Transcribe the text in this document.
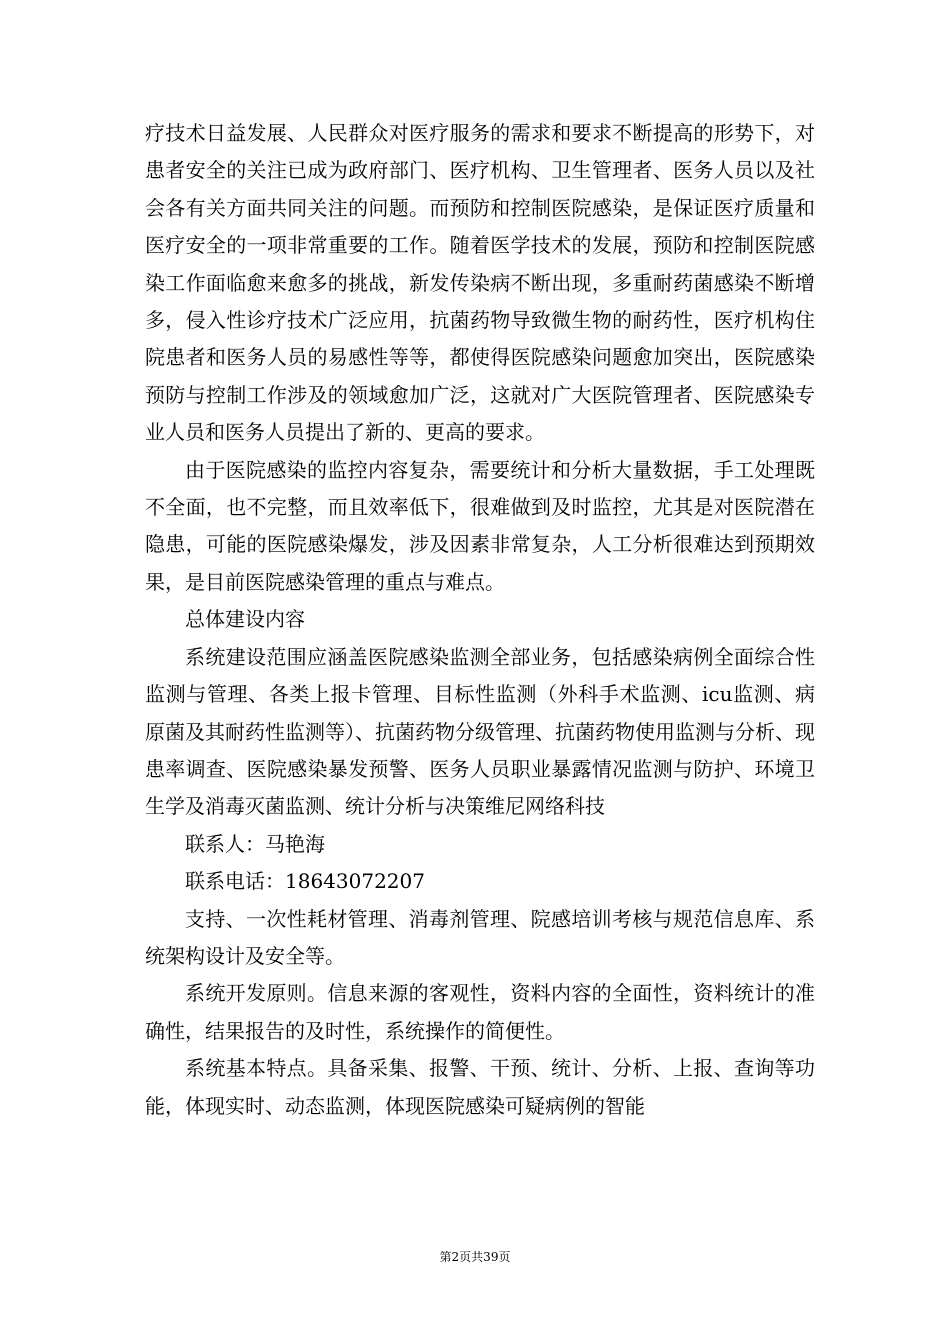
疗技术日益发展、人民群众对医疗服务的需求和要求不断提高的形势下，对患者安全的关注已成为政府部门、医疗机构、卫生管理者、医务人员以及社会各有关方面共同关注的问题。而预防和控制医院感染，是保证医疗质量和医疗安全的一项非常重要的工作。随着医学技术的发展，预防和控制医院感染工作面临愈来愈多的挑战，新发传染病不断出现，多重耐药菌感染不断增多，侵入性诊疗技术广泛应用，抗菌药物导致微生物的耐药性，医疗机构住院患者和医务人员的易感性等等，都使得医院感染问题愈加突出，医院感染预防与控制工作涉及的领域愈加广泛，这就对广大医院管理者、医院感染专业人员和医务人员提出了新的、更高的要求。

由于医院感染的监控内容复杂，需要统计和分析大量数据，手工处理既不全面，也不完整，而且效率低下，很难做到及时监控，尤其是对医院潜在隐患，可能的医院感染爆发，涉及因素非常复杂，人工分析很难达到预期效果，是目前医院感染管理的重点与难点。

总体建设内容

系统建设范围应涵盖医院感染监测全部业务，包括感染病例全面综合性监测与管理、各类上报卡管理、目标性监测（外科手术监测、icu监测、病原菌及其耐药性监测等）、抗菌药物分级管理、抗菌药物使用监测与分析、现患率调查、医院感染暴发预警、医务人员职业暴露情况监测与防护、环境卫生学及消毒灭菌监测、统计分析与决策维尼网络科技

联系人：马艳海

联系电话：18643072207

支持、一次性耗材管理、消毒剂管理、院感培训考核与规范信息库、系统架构设计及安全等。

系统开发原则。信息来源的客观性，资料内容的全面性，资料统计的准确性，结果报告的及时性，系统操作的简便性。

系统基本特点。具备采集、报警、干预、统计、分析、上报、查询等功能，体现实时、动态监测，体现医院感染可疑病例的智能

第2页共39页
